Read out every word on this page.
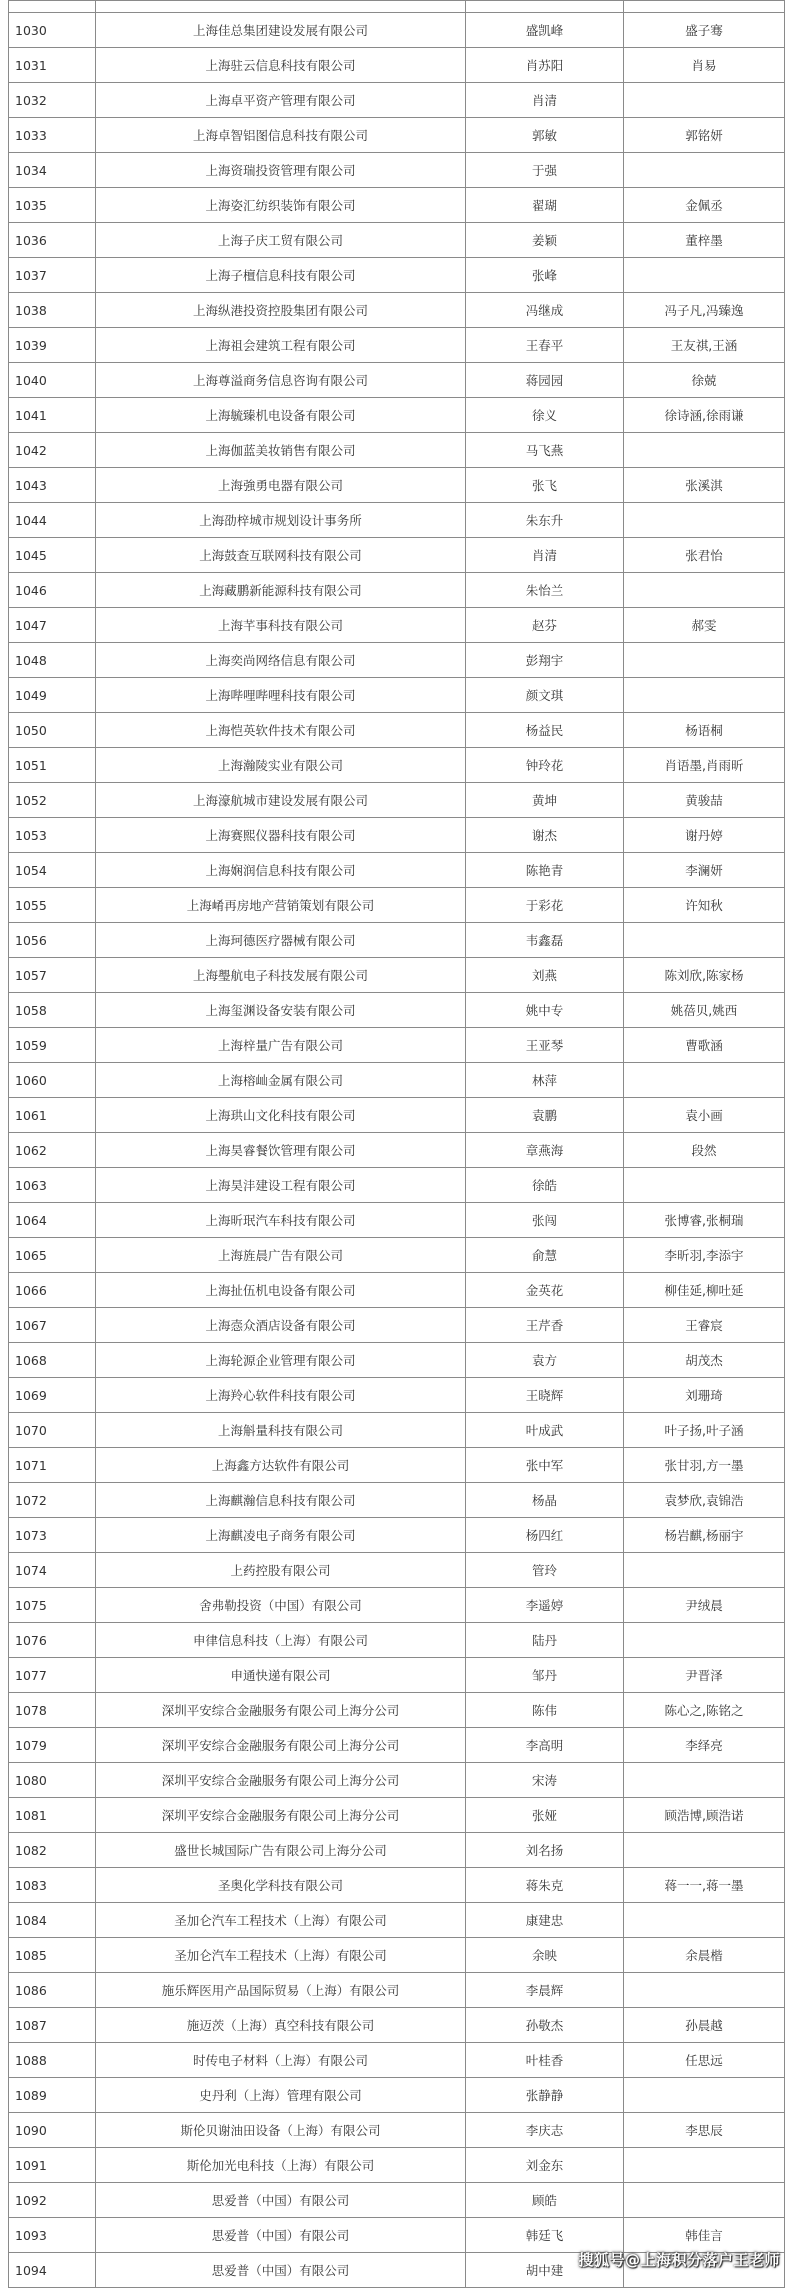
1030	上海佳总集团建设发展有限公司	盛凯峰	盛子骞
1031	上海驻云信息科技有限公司	肖苏阳	肖易
1032	上海卓平资产管理有限公司	肖清	
1033	上海卓智铝图信息科技有限公司	郭敏	郭铭妍
1034	上海资瑞投资管理有限公司	于强	
1035	上海姿汇纺织装饰有限公司	翟瑚	金佩丞
1036	上海子庆工贸有限公司	姜颖	董梓墨
1037	上海子檀信息科技有限公司	张峰	
1038	上海纵港投资控股集团有限公司	冯继成	冯子凡,冯臻逸
1039	上海祖会建筑工程有限公司	王春平	王友祺,王涵
1040	上海尊溢商务信息咨询有限公司	蒋园园	徐兢
1041	上海毓臻机电设备有限公司	徐义	徐诗涵,徐雨谦
1042	上海伽蓝美妆销售有限公司	马飞燕	
1043	上海強勇电器有限公司	张飞	张溪淇
1044	上海劭梓城市规划设计事务所	朱东升	
1045	上海鼓查互联网科技有限公司	肖清	张君怡
1046	上海藏鹏新能源科技有限公司	朱怡兰	
1047	上海芊事科技有限公司	赵芬	郝雯
1048	上海奕尚网络信息有限公司	彭翔宇	
1049	上海哔哩哔哩科技有限公司	颜文琪	
1050	上海恺英软件技术有限公司	杨益民	杨语桐
1051	上海瀚陵实业有限公司	钟玲花	肖语墨,肖雨昕
1052	上海濠航城市建设发展有限公司	黄坤	黄骏喆
1053	上海赛熙仪器科技有限公司	谢杰	谢丹婷
1054	上海娴润信息科技有限公司	陈艳青	李澜妍
1055	上海崤再房地产营销策划有限公司	于彩花	许知秋
1056	上海珂德医疗器械有限公司	韦鑫磊	
1057	上海璺航电子科技发展有限公司	刘燕	陈刘欣,陈家杨
1058	上海玺渊设备安装有限公司	姚中专	姚蓓贝,姚西
1059	上海梓量广告有限公司	王亚琴	曹歌涵
1060	上海榕屾金属有限公司	林萍	
1061	上海珙山文化科技有限公司	袁鹏	袁小画
1062	上海昊睿餐饮管理有限公司	章燕海	段然
1063	上海昊沣建设工程有限公司	徐皓	
1064	上海昕珉汽车科技有限公司	张闯	张博睿,张桐瑞
1065	上海旌晨广告有限公司	俞慧	李昕羽,李添宇
1066	上海扯伍机电设备有限公司	金英花	柳佳延,柳吐延
1067	上海悫众酒店设备有限公司	王芹香	王睿宸
1068	上海轮源企业管理有限公司	袁方	胡茂杰
1069	上海羚心软件科技有限公司	王晓辉	刘珊琦
1070	上海斛量科技有限公司	叶成武	叶子扬,叶子涵
1071	上海鑫方达软件有限公司	张中军	张甘羽,方一墨
1072	上海麒瀚信息科技有限公司	杨晶	袁梦欣,袁锦浩
1073	上海麒凌电子商务有限公司	杨四红	杨岩麒,杨丽宇
1074	上药控股有限公司	管玲	
1075	舍弗勒投资（中国）有限公司	李遥婷	尹绒晨
1076	申律信息科技（上海）有限公司	陆丹	
1077	申通快递有限公司	邹丹	尹晋泽
1078	深圳平安综合金融服务有限公司上海分公司	陈伟	陈心之,陈铭之
1079	深圳平安综合金融服务有限公司上海分公司	李高明	李绎亮
1080	深圳平安综合金融服务有限公司上海分公司	宋涛	
1081	深圳平安综合金融服务有限公司上海分公司	张娅	顾浩博,顾浩诺
1082	盛世长城国际广告有限公司上海分公司	刘名扬	
1083	圣奥化学科技有限公司	蒋朱克	蒋一一,蒋一墨
1084	圣加仑汽车工程技术（上海）有限公司	康建忠	
1085	圣加仑汽车工程技术（上海）有限公司	余映	余晨楷
1086	施乐辉医用产品国际贸易（上海）有限公司	李晨辉	
1087	施迈茨（上海）真空科技有限公司	孙敬杰	孙晨越
1088	时传电子材料（上海）有限公司	叶桂香	任思远
1089	史丹利（上海）管理有限公司	张静静	
1090	斯伦贝谢油田设备（上海）有限公司	李庆志	李思辰
1091	斯伦加光电科技（上海）有限公司	刘金东	
1092	思爱普（中国）有限公司	顾皓	
1093	思爱普（中国）有限公司	韩廷飞	韩佳言
1094	思爱普（中国）有限公司	胡中建	
搜狐号@上海积分落户王老师
